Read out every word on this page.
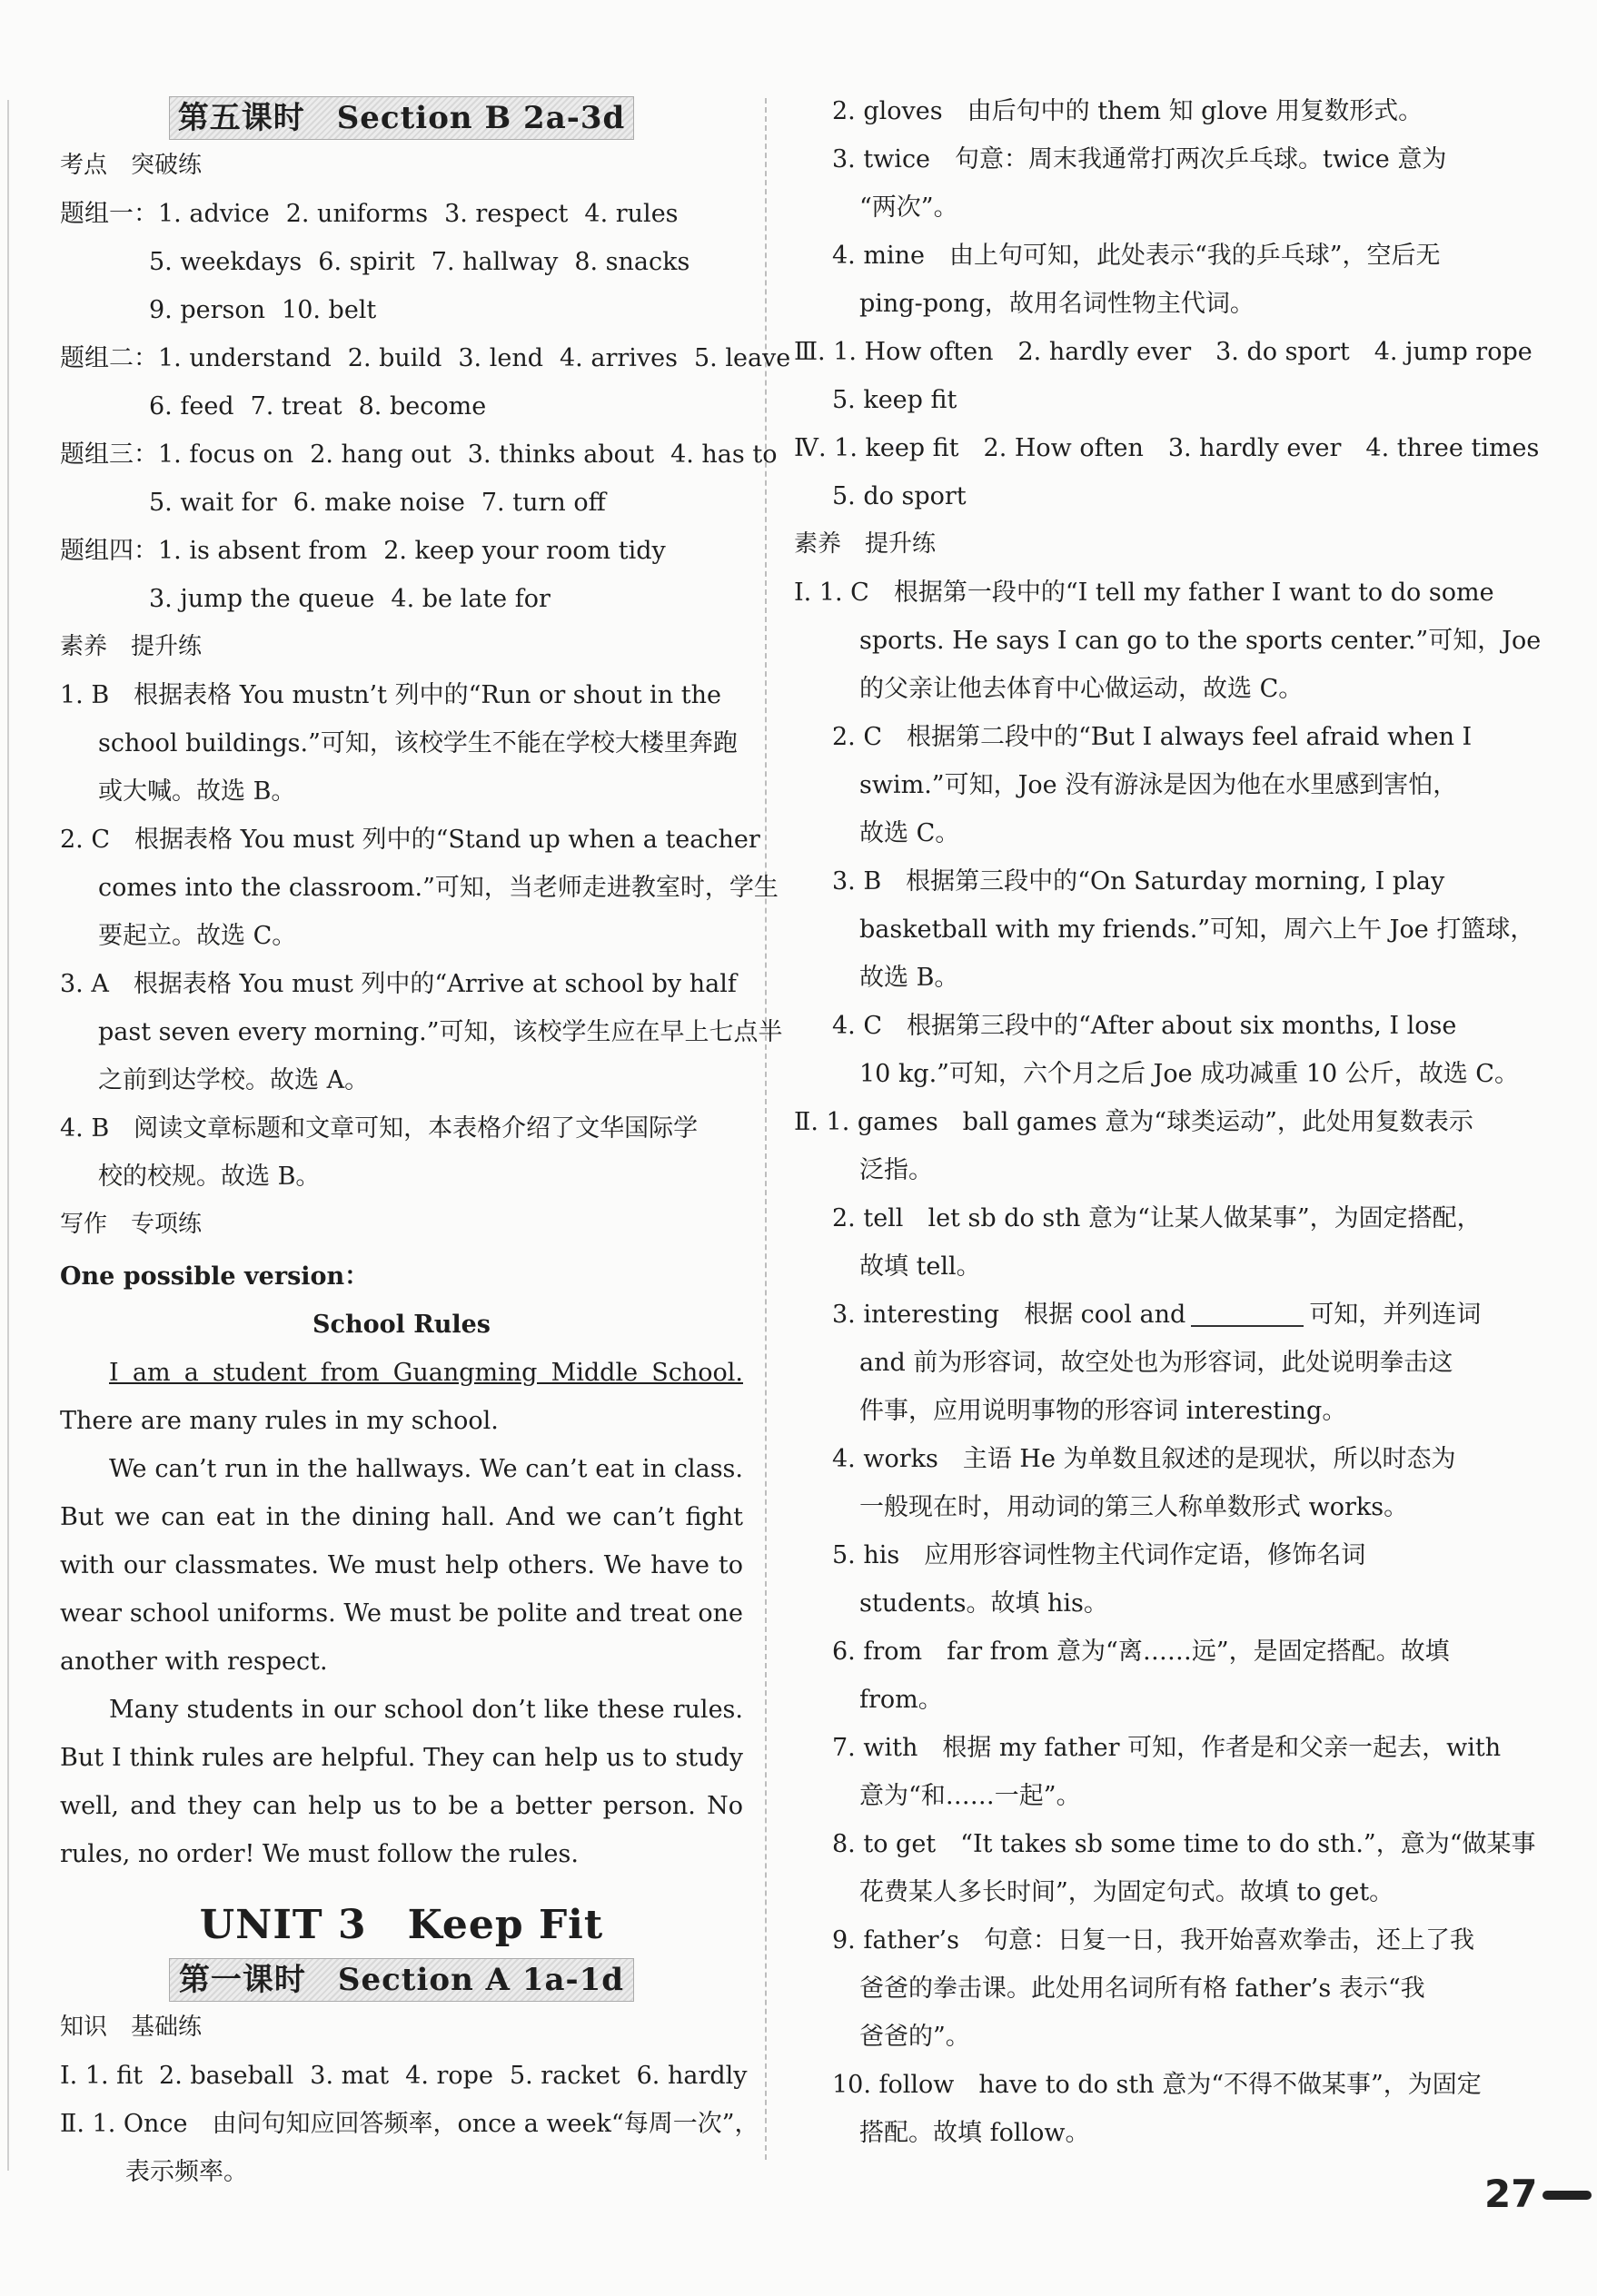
第五课时　Section B 2a-3d
考点 突破练
题组一：1. advice 2. uniforms 3. respect 4. rules
5. weekdays 6. spirit 7. hallway 8. snacks
9. person 10. belt
题组二：1. understand 2. build 3. lend 4. arrives 5. leave
6. feed 7. treat 8. become
题组三：1. focus on 2. hang out 3. thinks about 4. has to
5. wait for 6. make noise 7. turn off
题组四：1. is absent from 2. keep your room tidy
3. jump the queue 4. be late for
素养 提升练
1. B　根据表格 You mustn’t 列中的“Run or shout in the
school buildings.”可知，该校学生不能在学校大楼里奔跑
或大喊。故选 B。
2. C　根据表格 You must 列中的“Stand up when a teacher
comes into the classroom.”可知，当老师走进教室时，学生
要起立。故选 C。
3. A　根据表格 You must 列中的“Arrive at school by half
past seven every morning.”可知，该校学生应在早上七点半
之前到达学校。故选 A。
4. B　阅读文章标题和文章可知，本表格介绍了文华国际学
校的校规。故选 B。
写作 专项练
One possible version：
School Rules
I am a student from Guangming Middle School. There are many rules in my school.
We can’t run in the hallways. We can’t eat in class. But we can eat in the dining hall. And we can’t fight with our classmates. We must help others. We have to wear school uniforms. We must be polite and treat one another with respect.
Many students in our school don’t like these rules. But I think rules are helpful. They can help us to study well, and they can help us to be a better person. No rules, no order! We must follow the rules.
UNIT 3　Keep Fit
第一课时　Section A 1a-1d
知识 基础练
Ⅰ. 1. fit 2. baseball 3. mat 4. rope 5. racket 6. hardly
Ⅱ. 1. Once　由问句知应回答频率，once a week“每周一次”，
表示频率。
2. gloves　由后句中的 them 知 glove 用复数形式。
3. twice　句意：周末我通常打两次乒乓球。twice 意为
“两次”。
4. mine　由上句可知，此处表示“我的乒乓球”，空后无
ping-pong，故用名词性物主代词。
Ⅲ. 1. How often　2. hardly ever　3. do sport　4. jump rope
5. keep fit
Ⅳ. 1. keep fit　2. How often　3. hardly ever　4. three times
5. do sport
素养 提升练
Ⅰ. 1. C　根据第一段中的“I tell my father I want to do some
sports. He says I can go to the sports center.”可知，Joe
的父亲让他去体育中心做运动，故选 C。
2. C　根据第二段中的“But I always feel afraid when I
swim.”可知，Joe 没有游泳是因为他在水里感到害怕，
故选 C。
3. B　根据第三段中的“On Saturday morning, I play
basketball with my friends.”可知，周六上午 Joe 打篮球，
故选 B。
4. C　根据第三段中的“After about six months, I lose
10 kg.”可知，六个月之后 Joe 成功减重 10 公斤，故选 C。
Ⅱ. 1. games　ball games 意为“球类运动”，此处用复数表示
泛指。
2. tell　let sb do sth 意为“让某人做某事”，为固定搭配，
故填 tell。
3. interesting　根据 cool and	可知，并列连词
and 前为形容词，故空处也为形容词，此处说明拳击这
件事，应用说明事物的形容词 interesting。
4. works　主语 He 为单数且叙述的是现状，所以时态为
一般现在时，用动词的第三人称单数形式 works。
5. his　应用形容词性物主代词作定语，修饰名词
students。故填 his。
6. from　far from 意为“离……远”，是固定搭配。故填
from。
7. with　根据 my father 可知，作者是和父亲一起去，with
意为“和……一起”。
8. to get　“It takes sb some time to do sth.”，意为“做某事
花费某人多长时间”，为固定句式。故填 to get。
9. father’s　句意：日复一日，我开始喜欢拳击，还上了我
爸爸的拳击课。此处用名词所有格 father’s 表示“我
爸爸的”。
10. follow　have to do sth 意为“不得不做某事”，为固定
搭配。故填 follow。
27
